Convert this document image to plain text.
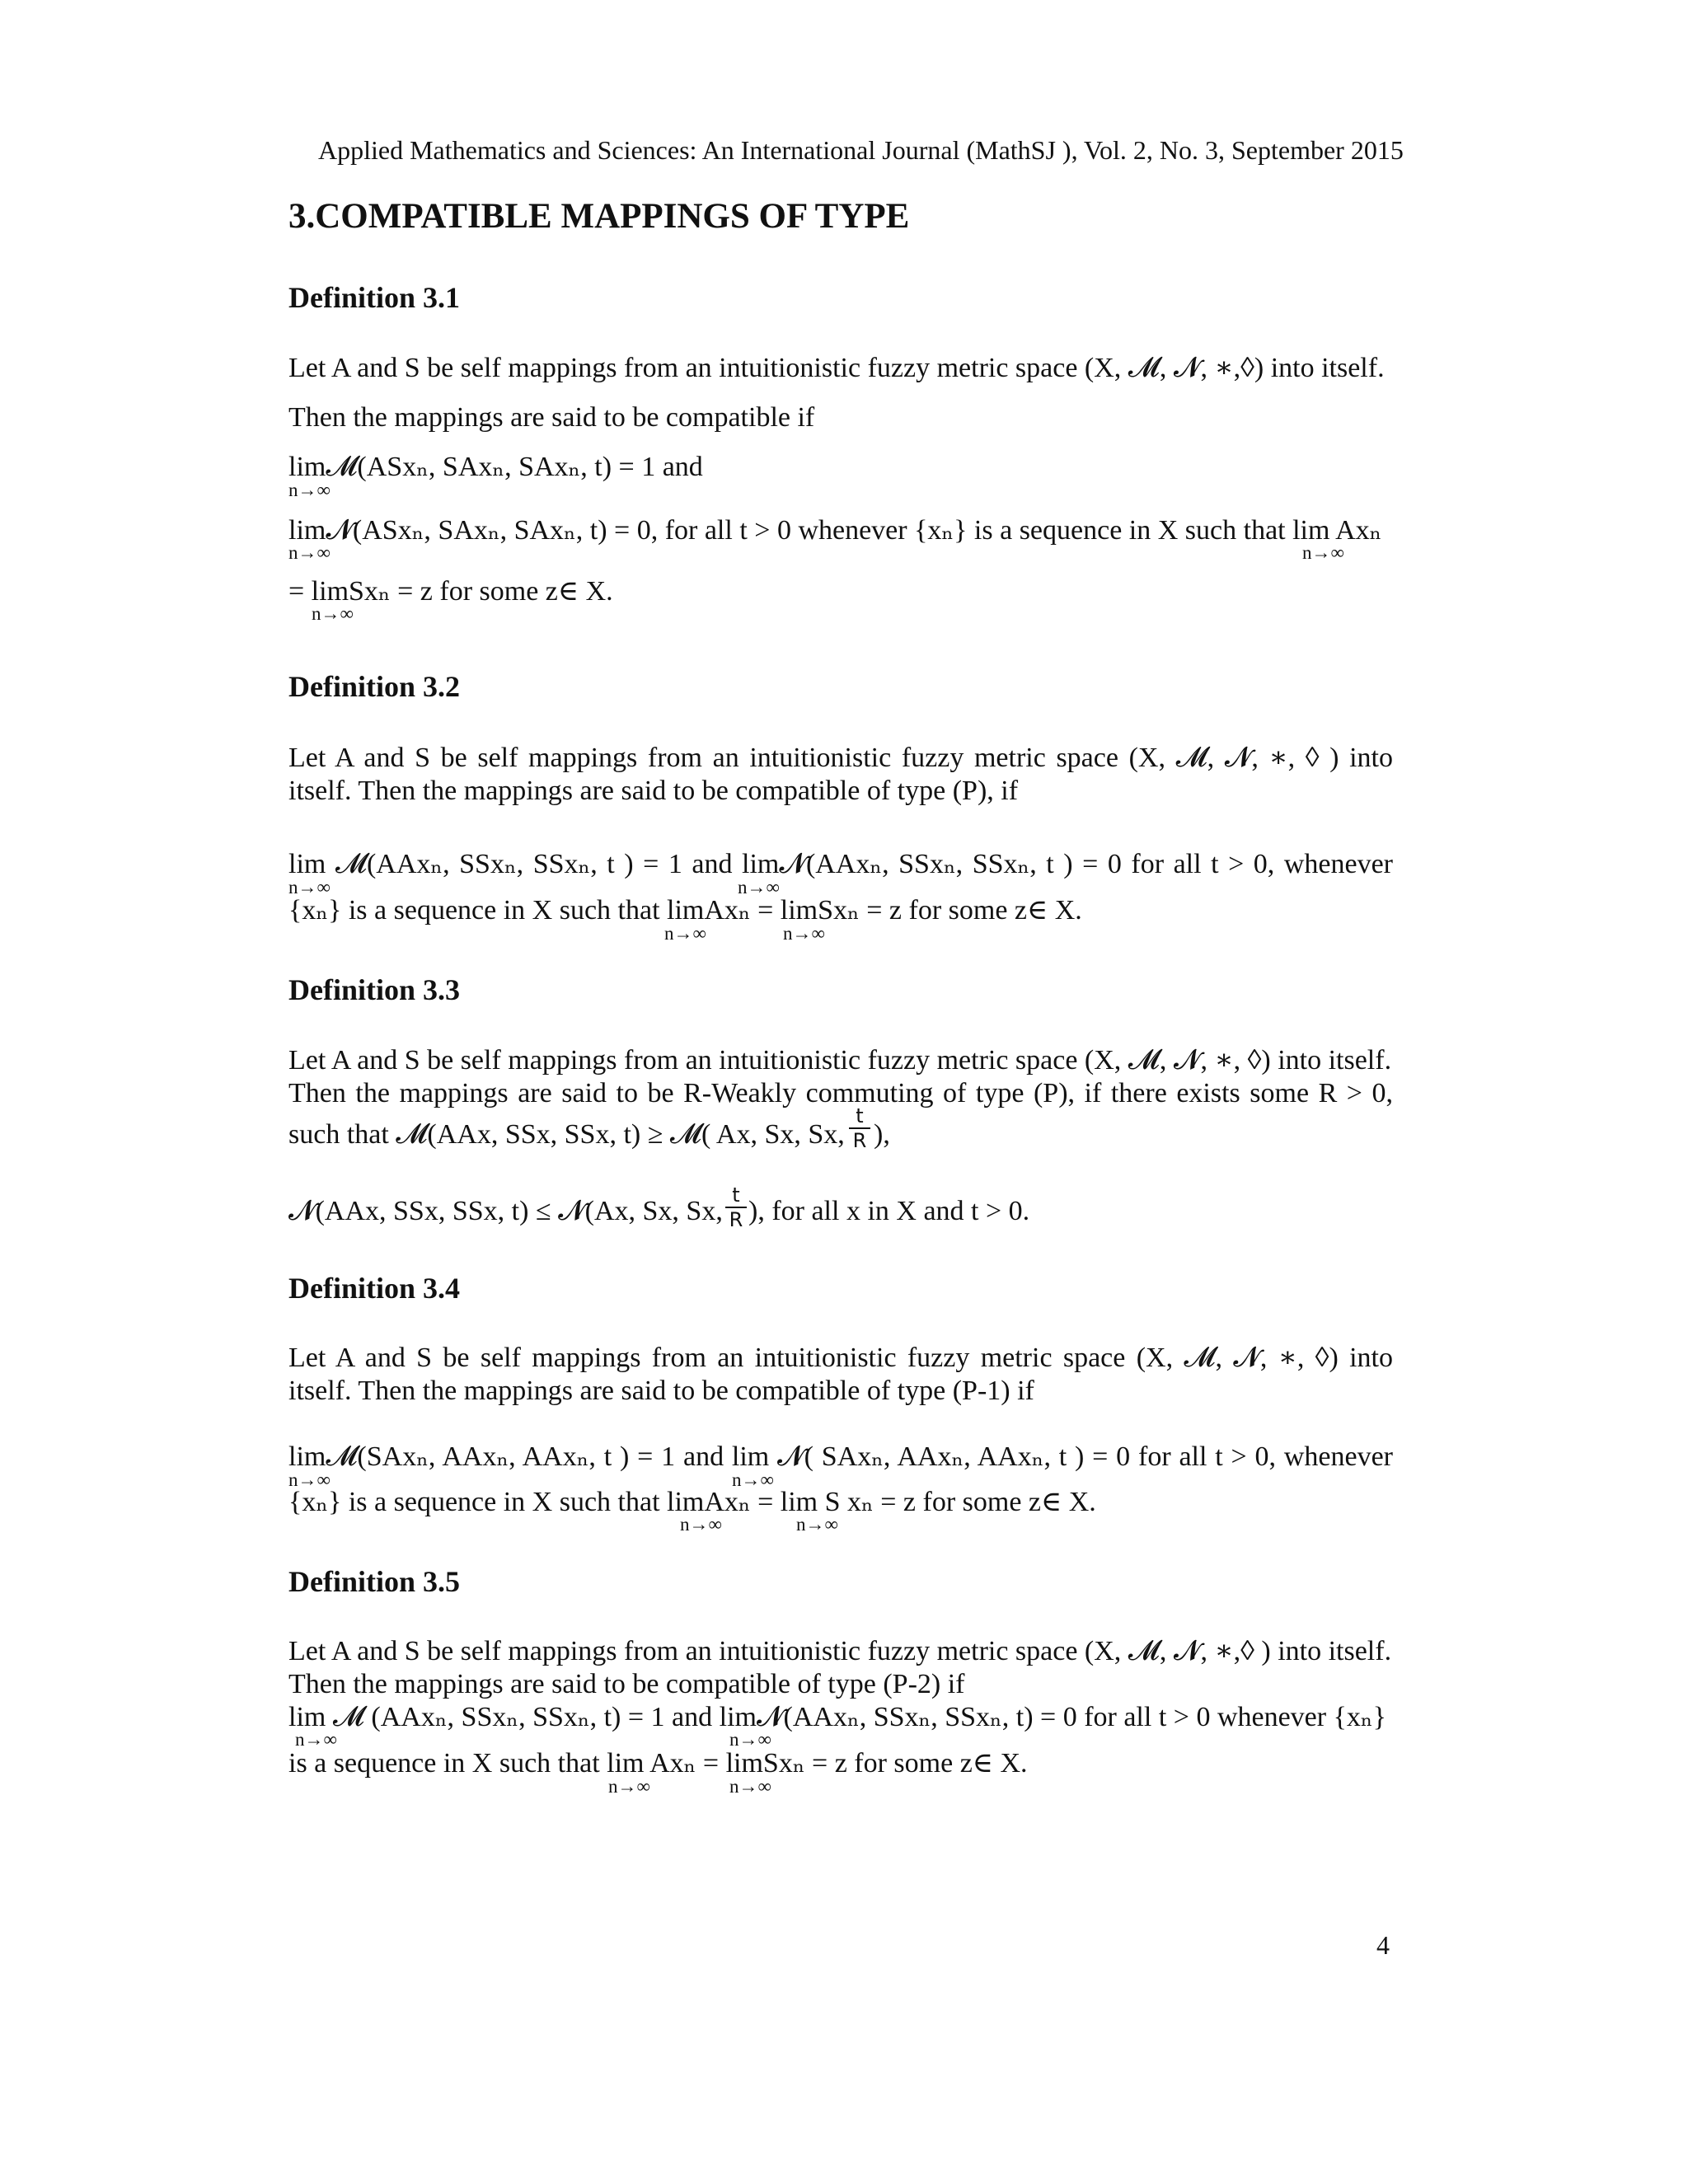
Applied Mathematics and Sciences: An International Journal (MathSJ ), Vol. 2, No. 3, September 2015
3.COMPATIBLE MAPPINGS OF TYPE
Definition 3.1
Let A and S be self mappings from an intuitionistic fuzzy metric space (X, 𝓜, 𝓝, ∗,◊) into itself.
Then the mappings are said to be compatible if
lim𝓜(ASxₙ, SAxₙ, SAxₙ, t) = 1 and
n→∞
lim𝓝(ASxₙ, SAxₙ, SAxₙ, t) = 0, for all t > 0 whenever {xₙ} is a sequence in X such that lim Axₙ
n→∞	n→∞
= limSxₙ = z for some z∈ X.
n→∞
Definition 3.2
Let A and S be self mappings from an intuitionistic fuzzy metric space (X, 𝓜, 𝓝, ∗, ◊ ) into
itself. Then the mappings are said to be compatible of type (P), if
lim 𝓜(AAxₙ, SSxₙ, SSxₙ, t ) = 1 and lim𝓝(AAxₙ, SSxₙ, SSxₙ, t ) = 0 for all t > 0, whenever
n→∞	n→∞
{xₙ} is a sequence in X such that limAxₙ = limSxₙ = z for some z∈ X.
n→∞	n→∞
Definition 3.3
Let A and S be self mappings from an intuitionistic fuzzy metric space (X, 𝓜, 𝓝, ∗, ◊) into itself.
Then the mappings are said to be R-Weakly commuting of type (P), if there exists some R > 0,
such that 𝓜(AAx, SSx, SSx, t) ≥ 𝓜( Ax, Sx, Sx, $\frac{t}{R}$ ),
𝓝(AAx, SSx, SSx, t) ≤ 𝓝(Ax, Sx, Sx, $\frac{t}{R}$ ), for all x in X and t > 0.
Definition 3.4
Let A and S be self mappings from an intuitionistic fuzzy metric space (X, 𝓜, 𝓝, ∗, ◊) into
itself. Then the mappings are said to be compatible of type (P-1) if
lim𝓜(SAxₙ, AAxₙ, AAxₙ, t ) = 1 and lim 𝓝( SAxₙ, AAxₙ, AAxₙ, t ) = 0 for all t > 0, whenever
n→∞	n→∞
{xₙ} is a sequence in X such that limAxₙ = lim S xₙ = z for some z∈ X.
n→∞	n→∞
Definition 3.5
Let A and S be self mappings from an intuitionistic fuzzy metric space (X, 𝓜, 𝓝, ∗,◊ ) into itself.
Then the mappings are said to be compatible of type (P-2) if
lim 𝓜 (AAxₙ, SSxₙ, SSxₙ, t) = 1 and lim𝓝(AAxₙ, SSxₙ, SSxₙ, t) = 0 for all t > 0 whenever {xₙ}
n→∞	n→∞
is a sequence in X such that lim Axₙ = limSxₙ = z for some z∈ X.
n→∞	n→∞
4
